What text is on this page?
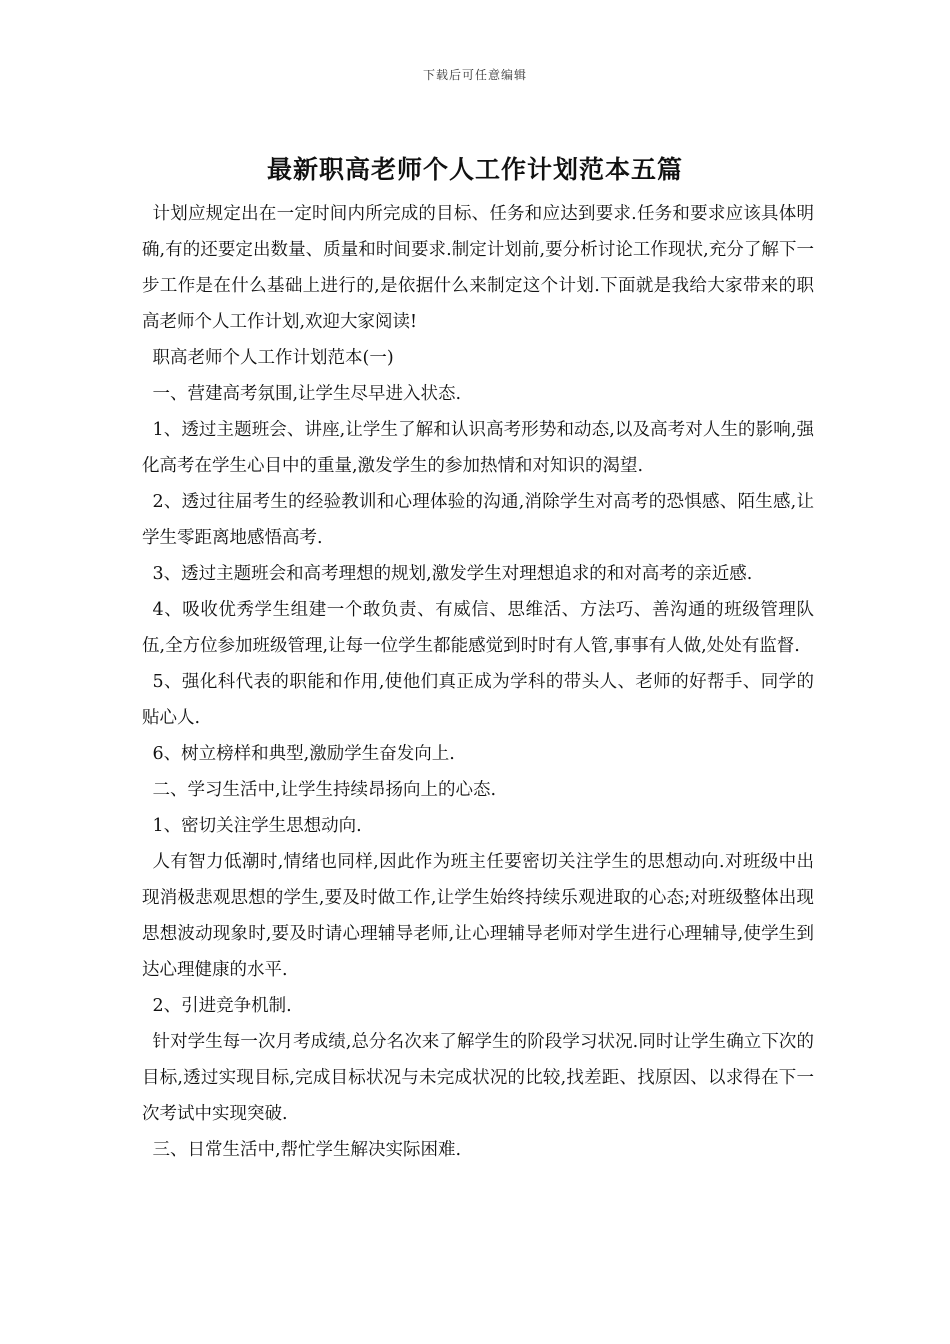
下载后可任意编辑
最新职高老师个人工作计划范本五篇

计划应规定出在一定时间内所完成的目标、任务和应达到要求.任务和要求应该具体明确,有的还要定出数量、质量和时间要求.制定计划前,要分析讨论工作现状,充分了解下一步工作是在什么基础上进行的,是依据什么来制定这个计划.下面就是我给大家带来的职高老师个人工作计划,欢迎大家阅读!

职高老师个人工作计划范本(一)

一、营建高考氛围,让学生尽早进入状态.

1、透过主题班会、讲座,让学生了解和认识高考形势和动态,以及高考对人生的影响,强化高考在学生心目中的重量,激发学生的参加热情和对知识的渴望.

2、透过往届考生的经验教训和心理体验的沟通,消除学生对高考的恐惧感、陌生感,让学生零距离地感悟高考.

3、透过主题班会和高考理想的规划,激发学生对理想追求的和对高考的亲近感.

4、吸收优秀学生组建一个敢负责、有威信、思维活、方法巧、善沟通的班级管理队伍,全方位参加班级管理,让每一位学生都能感觉到时时有人管,事事有人做,处处有监督.

5、强化科代表的职能和作用,使他们真正成为学科的带头人、老师的好帮手、同学的贴心人.

6、树立榜样和典型,激励学生奋发向上.

二、学习生活中,让学生持续昂扬向上的心态.

1、密切关注学生思想动向.

人有智力低潮时,情绪也同样,因此作为班主任要密切关注学生的思想动向.对班级中出现消极悲观思想的学生,要及时做工作,让学生始终持续乐观进取的心态;对班级整体出现思想波动现象时,要及时请心理辅导老师,让心理辅导老师对学生进行心理辅导,使学生到达心理健康的水平.

2、引进竞争机制.

针对学生每一次月考成绩,总分名次来了解学生的阶段学习状况.同时让学生确立下次的目标,透过实现目标,完成目标状况与未完成状况的比较,找差距、找原因、以求得在下一次考试中实现突破.

三、日常生活中,帮忙学生解决实际困难.
